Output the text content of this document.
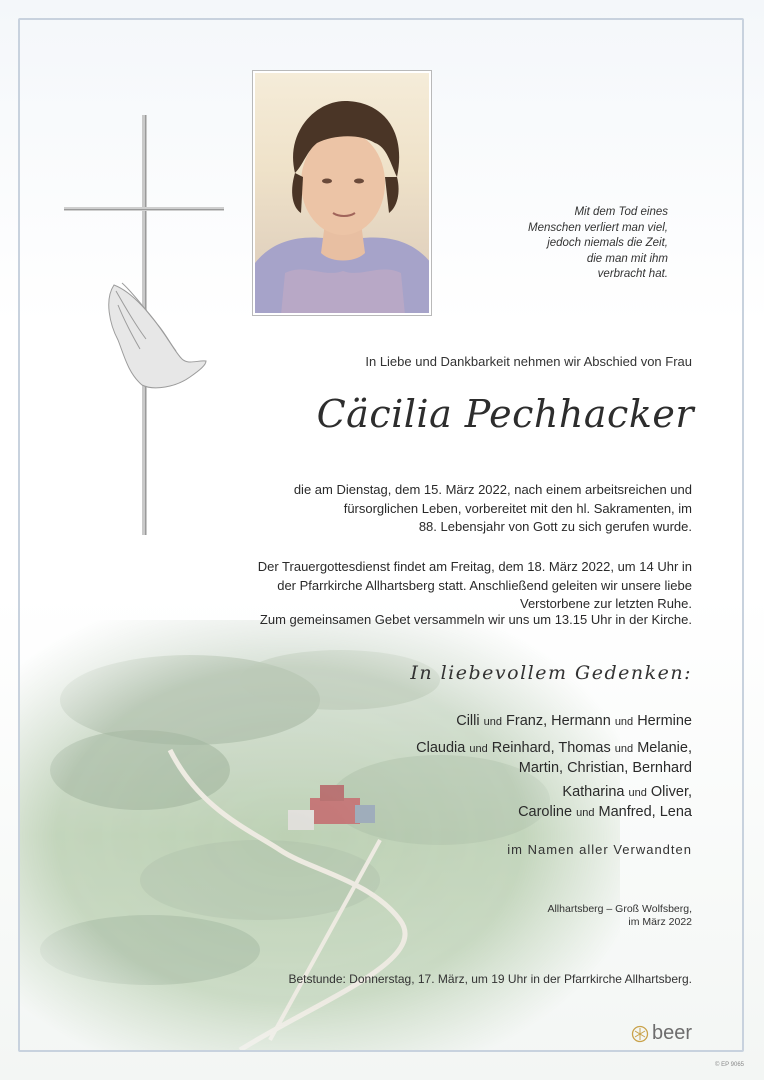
Mit dem Tod eines
Menschen verliert man viel,
jedoch niemals die Zeit,
die man mit ihm
verbracht hat.
In Liebe und Dankbarkeit nehmen wir Abschied von Frau
Cäcilia Pechhacker
die am Dienstag, dem 15. März 2022, nach einem arbeitsreichen und
fürsorglichen Leben, vorbereitet mit den hl. Sakramenten, im
88. Lebensjahr von Gott zu sich gerufen wurde.
Der Trauergottesdienst findet am Freitag, dem 18. März 2022, um 14 Uhr in
der Pfarrkirche Allhartsberg statt. Anschließend geleiten wir unsere liebe
Verstorbene zur letzten Ruhe.
Zum gemeinsamen Gebet versammeln wir uns um 13.15 Uhr in der Kirche.
In liebevollem Gedenken:
Cilli und Franz, Hermann und Hermine
Claudia und Reinhard, Thomas und Melanie,
Martin, Christian, Bernhard
Katharina und Oliver,
Caroline und Manfred, Lena
im Namen aller Verwandten
Allhartsberg – Groß Wolfsberg,
im März 2022
Betstunde: Donnerstag, 17. März, um 19 Uhr in der Pfarrkirche Allhartsberg.
beer
© EP 9065
